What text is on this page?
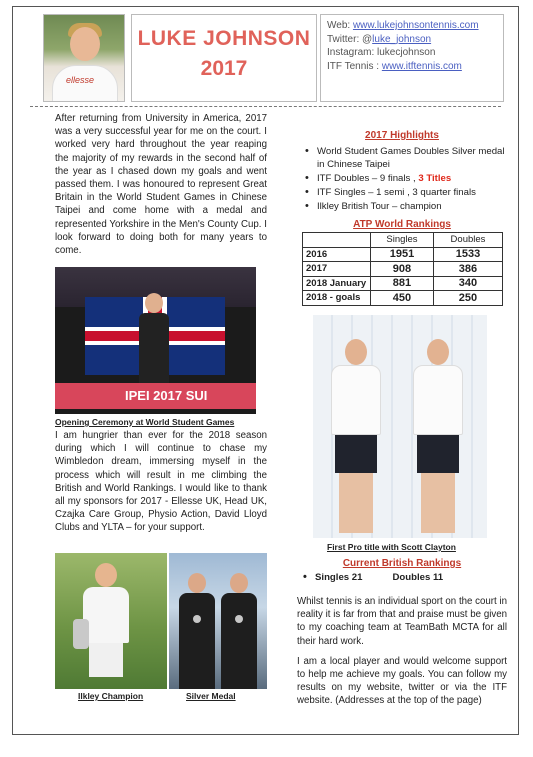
ellesse
LUKE JOHNSON
2017
Web: www.lukejohnsontennis.com
Twitter: @luke_johnson
Instagram: lukecjohnson
ITF Tennis : www.itftennis.com

After returning from University in America, 2017 was a very successful year for me on the court. I worked very hard throughout the year reaping the majority of my rewards in the second half of the year as I chased down my goals and went passed them. I was honoured to represent Great Britain in the World Student Games in Chinese Taipei and come home with a medal and represented Yorkshire in the Men's County Cup. I look forward to doing both for many years to come.

IPEI 2017 SUI
Opening Ceremony at World Student Games

I am hungrier than ever for the 2018 season during which I will continue to chase my Wimbledon dream, immersing myself in the process which will result in me climbing the British and World Rankings. I would like to thank all my sponsors for 2017 - Ellesse UK, Head UK, Czajka Care Group, Physio Action, David Lloyd Clubs and YLTA – for your support.

Ilkley Champion	Silver Medal
2017 Highlights
• World Student Games Doubles Silver medal in Chinese Taipei
• ITF Doubles – 9 finals , 3 Titles
• ITF Singles – 1 semi , 3 quarter finals
• Ilkley British Tour – champion
ATP World Rankings
	Singles	Doubles
2016	1951	1533
2017	908	386
2018 January	881	340
2018 - goals	450	250
First Pro title with Scott Clayton
Current British Rankings
• Singles 21	Doubles 11

Whilst tennis is an individual sport on the court in reality it is far from that and praise must be given to my coaching team at TeamBath MCTA for all their hard work.

I am a local player and would welcome support to help me achieve my goals. You can follow my results on my website, twitter or via the ITF website. (Addresses at the top of the page)
